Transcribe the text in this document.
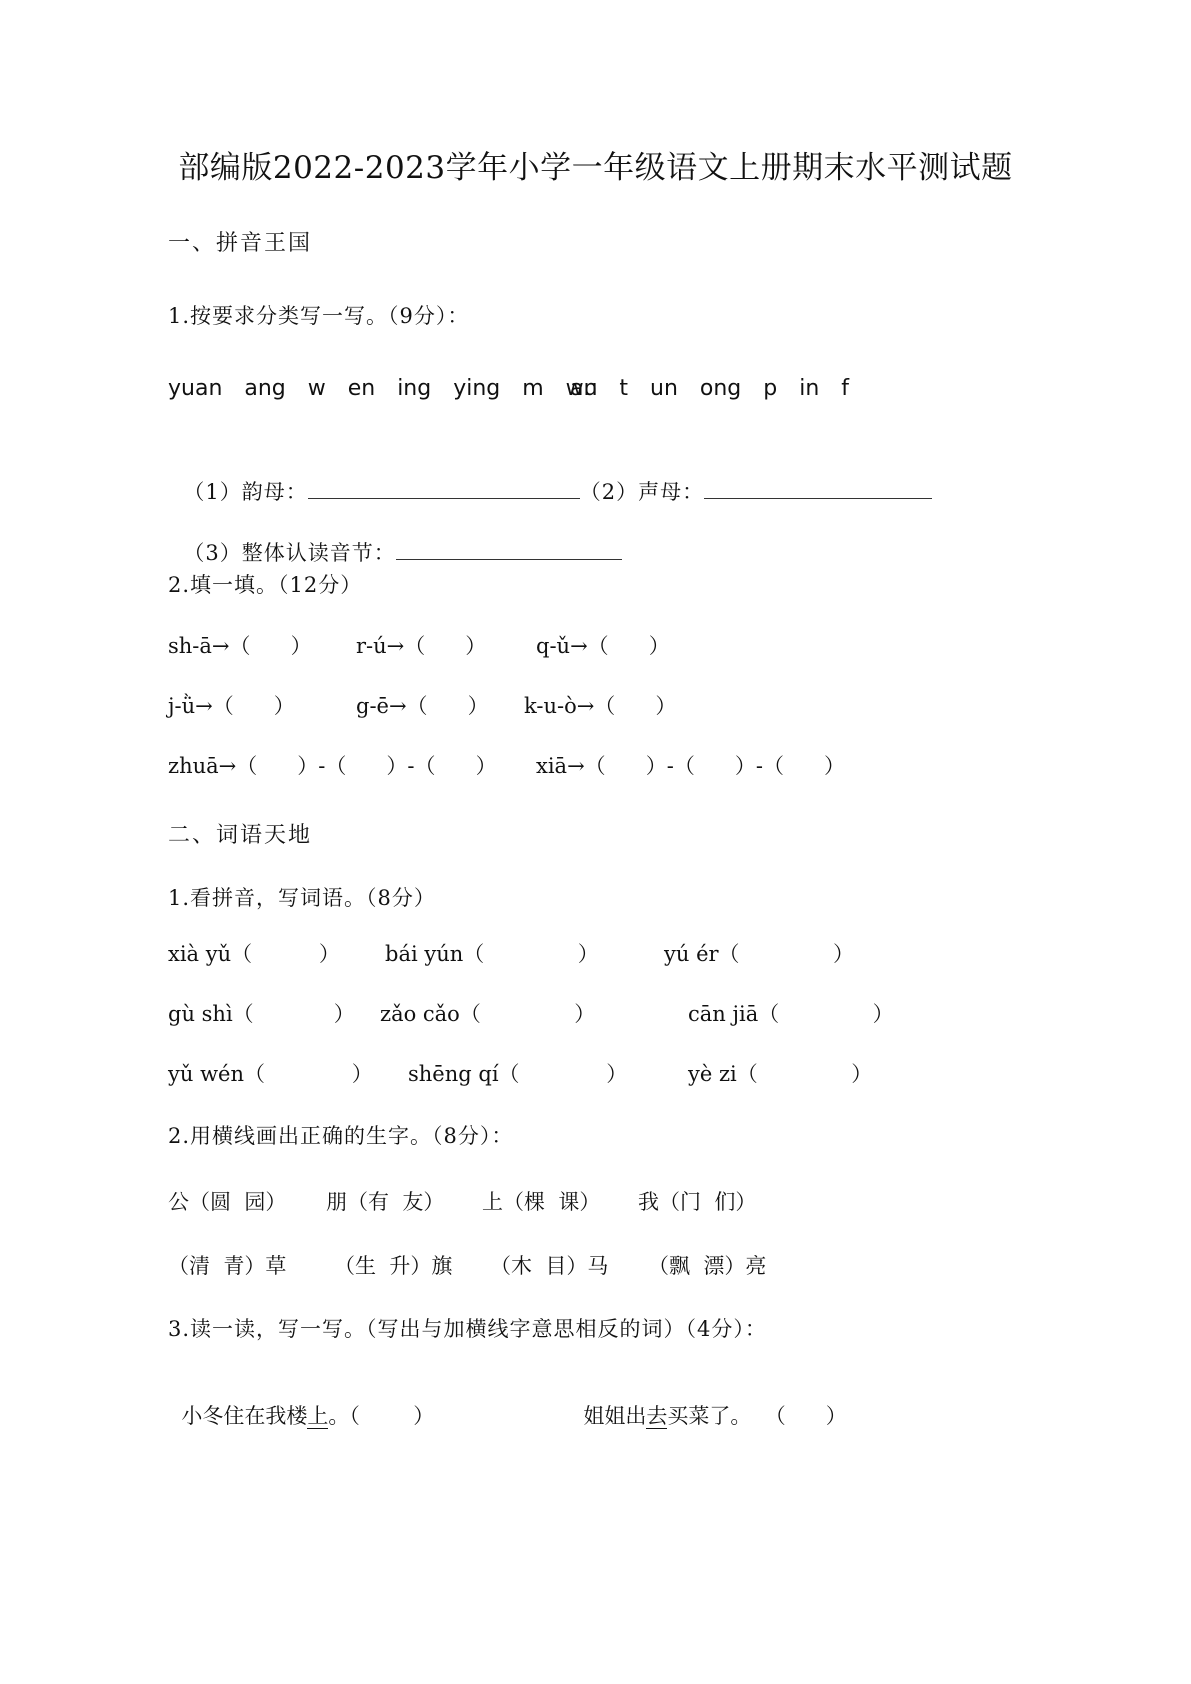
部编版2022-2023学年小学一年级语文上册期末水平测试题
一、拼音王国
1.按要求分类写一写。（9分）：
yuan  ang  w  en  ing  ying  m  wu
an  t  un  ong  p  in  f

（1）韵母：	（2）声母：

（3）整体认读音节：

2.填一填。（12分）
sh-ā→（      ） r-ú→（      ） q-ǔ→（      ）
j-ǜ→（      ）	g-ē→（      ） k-u-ò→（      ）
zhuā→（      ）-（      ）-（      ） xiā→（      ）-（      ）-（      ）
二、词语天地
1.看拼音，写词语。（8分）
xià yǔ（          ） bái yún（              ）	yú ér（              ）
gù shì（            ） zǎo cǎo（              ）	cān jiā（              ）
yǔ wén（             ） shēng qí（             ）	yè zi（              ）
2.用横线画出正确的生字。（8分）：
公（圆  园） 朋（有  友） 上（棵  课） 我（门  们）
（清  青）草 （生  升）旗 （木  目）马 （飘  漂）亮
3.读一读，写一写。（写出与加横线字意思相反的词）（4分）：

小冬住在我楼上。（        ）	姐姐出去买菜了。  （      ）
